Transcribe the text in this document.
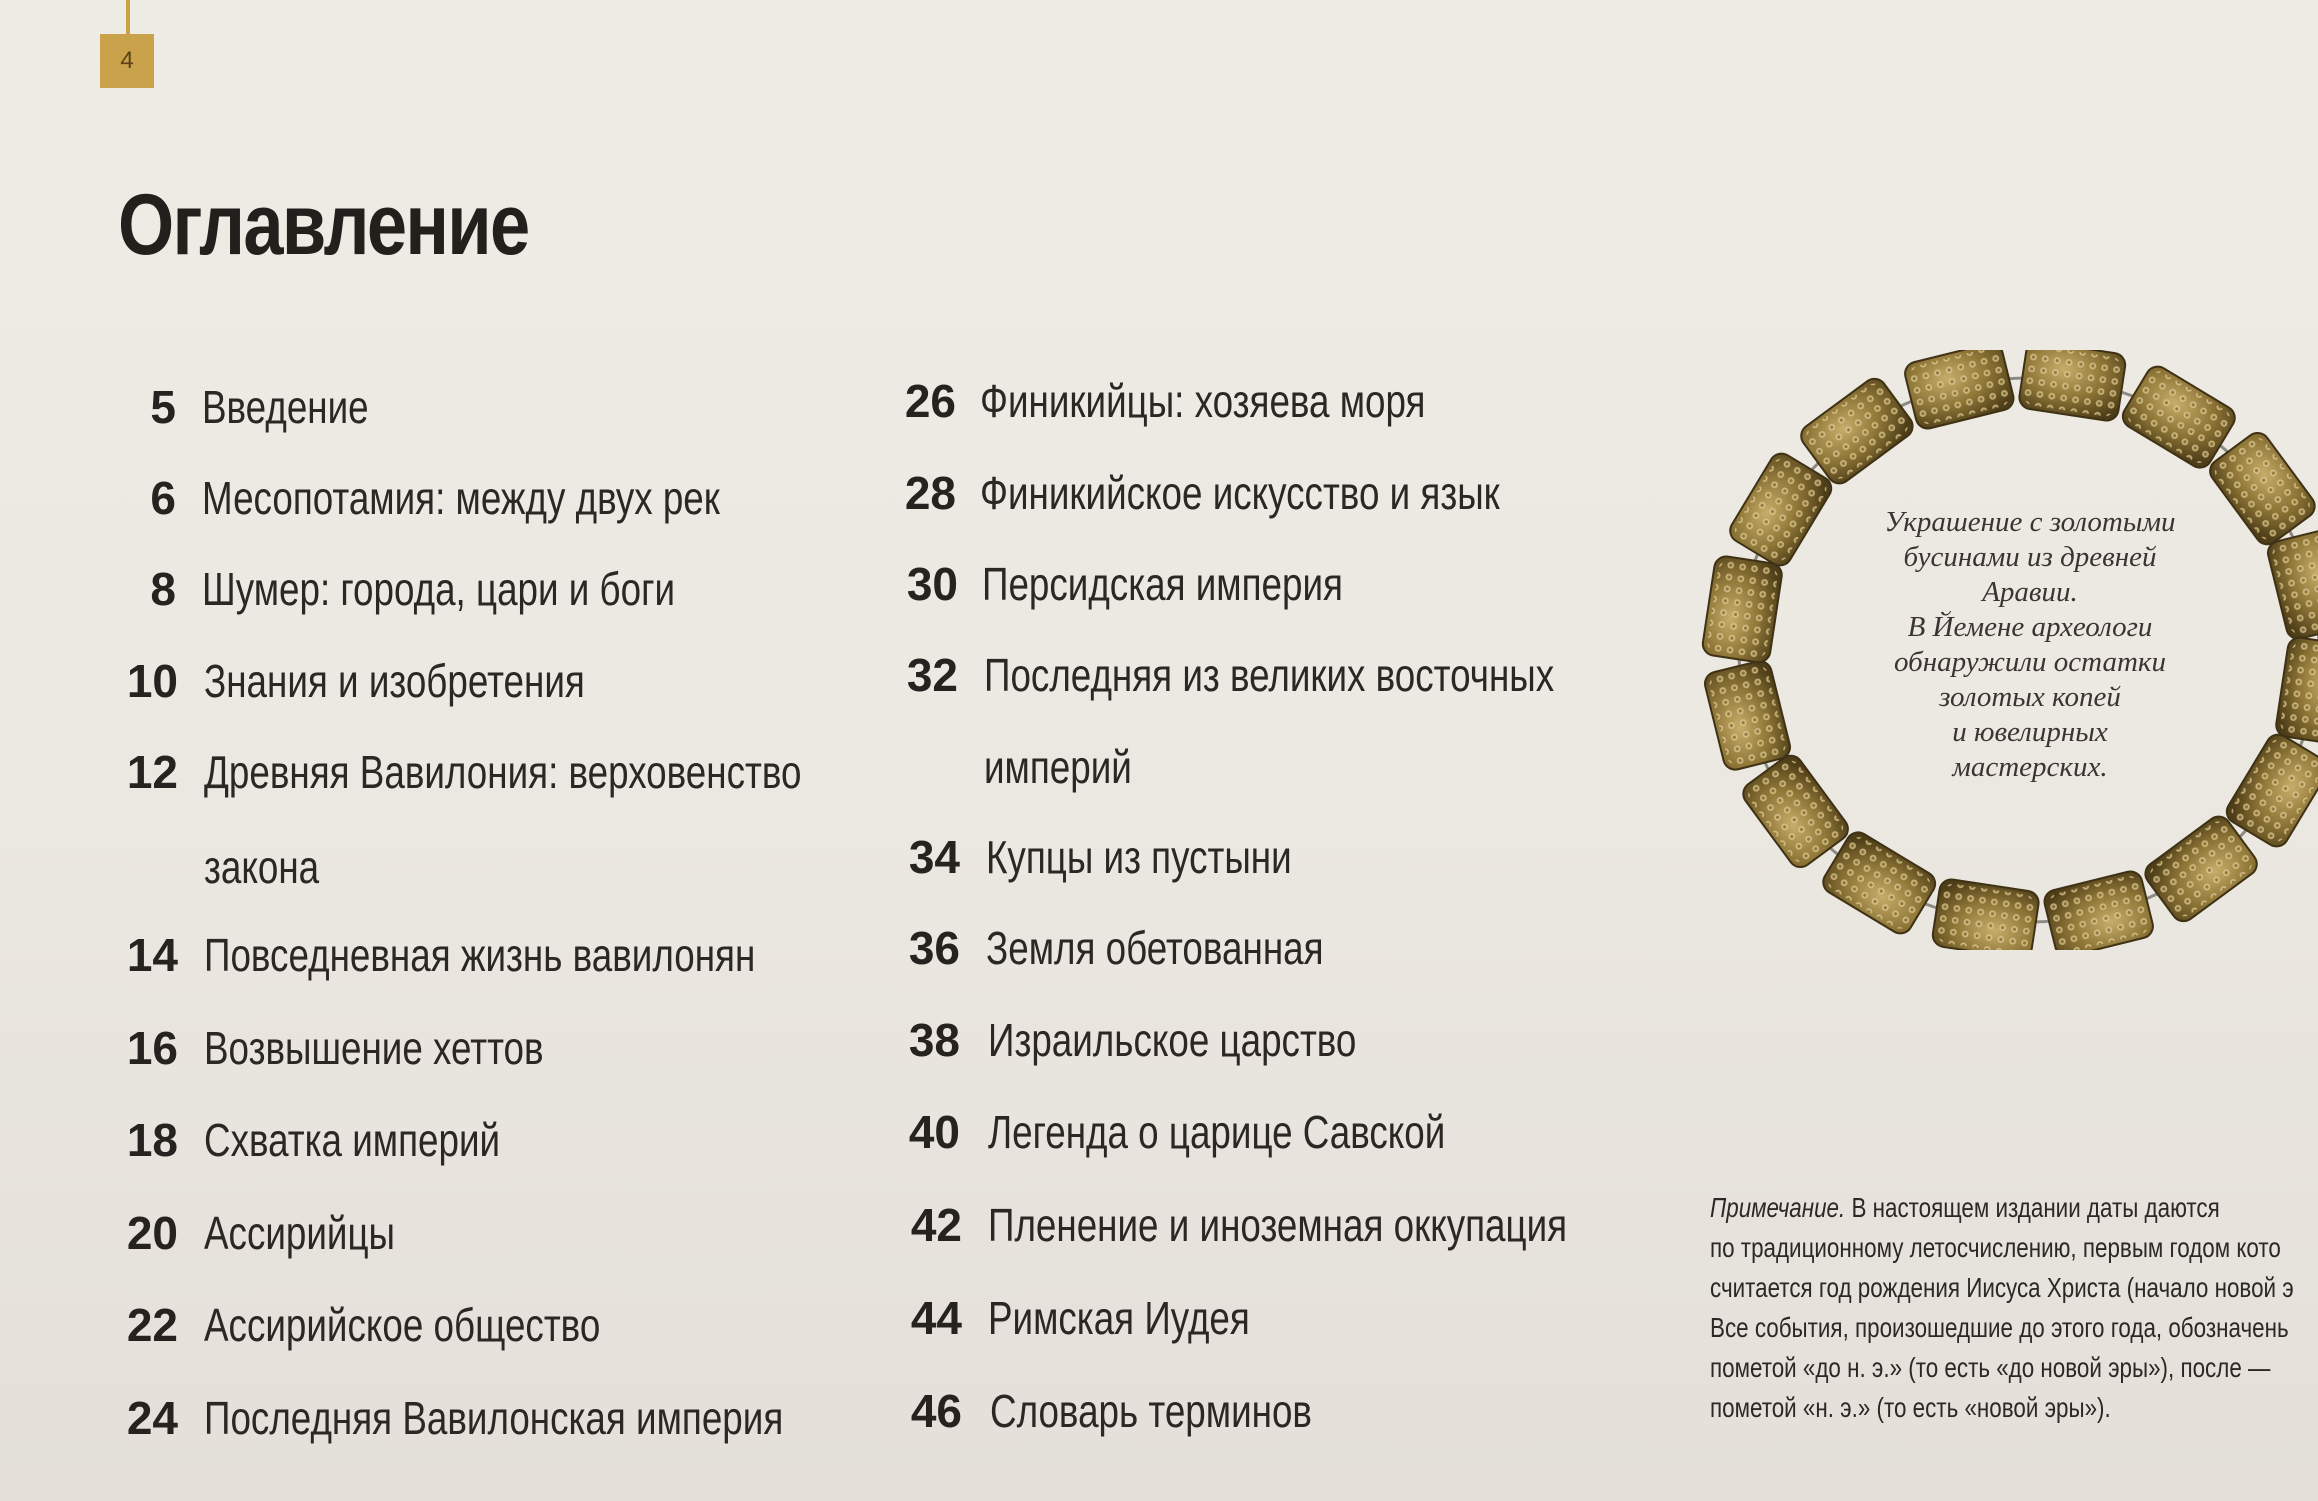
4
Оглавление
5 Введение
6 Месопотамия: между двух рек
8 Шумер: города, цари и боги
10 Знания и изобретения
12 Древняя Вавилония: верховенство
закона
14 Повседневная жизнь вавилонян
16 Возвышение хеттов
18 Схватка империй
20 Ассирийцы
22 Ассирийское общество
24 Последняя Вавилонская империя
26 Финикийцы: хозяева моря
28 Финикийское искусство и язык
30 Персидская империя
32 Последняя из великих восточных
империй
34 Купцы из пустыни
36 Земля обетованная
38 Израильское царство
40 Легенда о царице Савской
42 Пленение и иноземная оккупация
44 Римская Иудея
46 Словарь терминов

Украшение с золотыми
бусинами из древней
Аравии.
В Йемене археологи
обнаружили остатки
золотых копей
и ювелирных
мастерских.

Примечание. В настоящем издании даты даются
по традиционному летосчислению, первым годом кото
считается год рождения Иисуса Христа (начало новой э
Все события, произошедшие до этого года, обозначень
пометой «до н. э.» (то есть «до новой эры»), после —
пометой «н. э.» (то есть «новой эры»).
